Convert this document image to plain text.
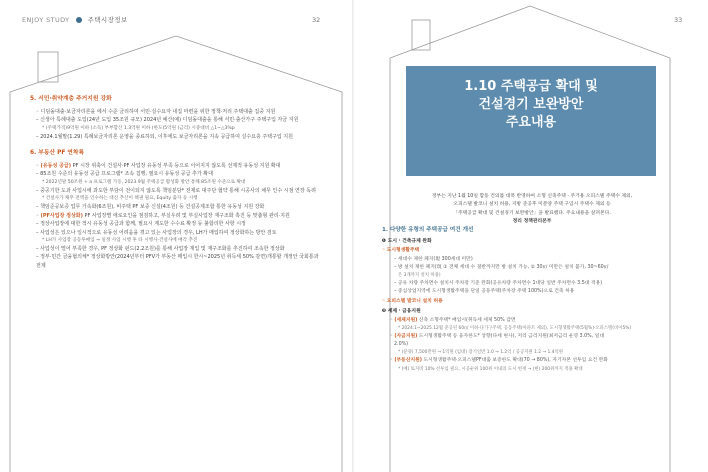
ENJOY STUDY	주택시장정보	32
5. 서민·취약계층 주거지원 강화
◦ 디딤돌대출·보금자리론을 에서 수준 금리하여 서민·실수요자 내집 마련을 위한 정책·저리 주택대출 집중 지원
– 신생아 특례대출 도입(24년 도입 35조원 규모) 2024년 예산(예) 디딤돌대출을 통해 서민·출산가구 주택구입 자금 지원
* (주택가격)9억원 이하 (소득) 부부합산 1.3억원 이하 (한도)5억원 (금리) 시중대비 △1~△3%p
– 2024.1월말(1.29) 특례보금자리론 운영을 종료하되, 이후에도 보금자리론을 지속 공급하여 실수요층 주택구입 지원
6. 부동산 PF 연착륙
◦ (유동성 공급) PF 시장 위축이 건설사·PF 사업장 유동성 부족 등으로 이어지지 않도록 선제적 유동성 지원 확대
– 85조원 수준의 유동성 공급 프로그램* 조속 집행, 필요시 유동성 공급 추가 확대
* 2022년말 50조원 + a 프로그램 가동, 2023.9월 주택공급 활성화 방안 통해 85조원 수준으로 확대
– 중공기한 도과 사업시에 과도한 부담이 전이되지 않도록 책임분담* 전제로 대주단 협약 통해 시공사의 채무 인수 시점 연장 독려
* 건설사가 채무 전액을 인수하는 대신 추산이 책권 필요, Equity 출자 등 시행
– 책임준공보증 업무 가속화(6조원), 비주택 PF 보증 신설(4조원) 등 건설공제조합 통한 유동성 지원 강화
◦ (PF사업장 정상화) PF 사업장별 애로요인을 점검하고, 부실우려 및 부실사업장 재구조화 촉진 등 맞춤형 관리·지원
– 정상사업장에 대한 적시 유동성 공급과 함께, 필요시 계도한 수수료 확정 등 불합리한 사항 시정
– 사업성은 있으나 일시적으로 유동성 어려움을 겪고 있는 사업장의 경우, LH가 매입하여 정상화하는 방안 검토
* LH가 사업장 공동투매입 → 일정 사업 시행 후 타 시행사·건설사에 매각 추진
– 사업성이 떨어 부족한 경우, PF 정상화 펀드(2.2조원)를 통해 사업장 재입 및 재구조화를 추진하여 조속한 정상화
– 정부·민간 금융협의체* 정상화방안(2024년부터 PFV가 부동산 매입시 한시~2025년 취득세 50% 감면)개통할 개정안 국회통과 전제
33
1.10 주택공급 확대 및
건설경기 보완방안
주요내용
정부는 지난 1월 10일 합동 건의를 대폭 반영하여 소형 신축주택 · 주거용 오피스텔 주택수 제외,
오피스텔 발코니 설치 허용, 지방 준공후 미분양 주택 구입시 주택수 제외 등
「주택공급 확대 및 건설경기 보완방안」을 발표했다. 주요내용을 살펴본다.
정리 정책관리본부
1. 다양한 유형의 주택공급 여건 개선
❶ 도시 · 건축규제 완화
◦ 도시형생활주택
– 세대수 제한 폐지(現 300세대 미만)
– 방 설치 제한 폐지(現 ① 전체 세대 수 절반까지만 방 설치 가능, ② 30㎡ 미만은 설치 불가, 30~60㎡
은 3개까지 설치 허용)
– 공유 차량 주차면수 설치시 주차장 기준 완화(공유차량 주차면수 1대당 일반 주차면수 3.5대 적용)
– 중심상업지역에 도시형생활주택을 단일 공동주택(주차장 주택 100%)으로 건축 허용
◦ 오피스텔 발코니 설치 허용
❷ 세제 · 금융지원
◦ (세제지원) 신축 소형주택* 매입시(취득세 세제 50% 감면
* 2024.1~2025.12월 준공된 60㎡ 이하·다가구주택, 공동주택(아파트 제외), 도시형생활주택(5월%)·오피스텔(비이5%)
◦ (자금지원) 도시형생활주택 등 융자한도* 상향(다세 현사), 저리 금리지원(최저금리 운영 3.0%, 일대
2.0%)
* (분양) 7,500만원 → 1억원 (임대) 장기일반 1.0 → 1.2억 / 공공지원 1.2 → 1.4억원
◦ (부동산지원) 도시형생활주택·오피스텔PF대출 보증한도 확대(70 → 80%), 자기자본 선투입 요건 완화
* (예) 토지비 10% 선투입 필요, 시공순위 100위 이내의 도시 현재 → (현) 200위까지 적용 확대
